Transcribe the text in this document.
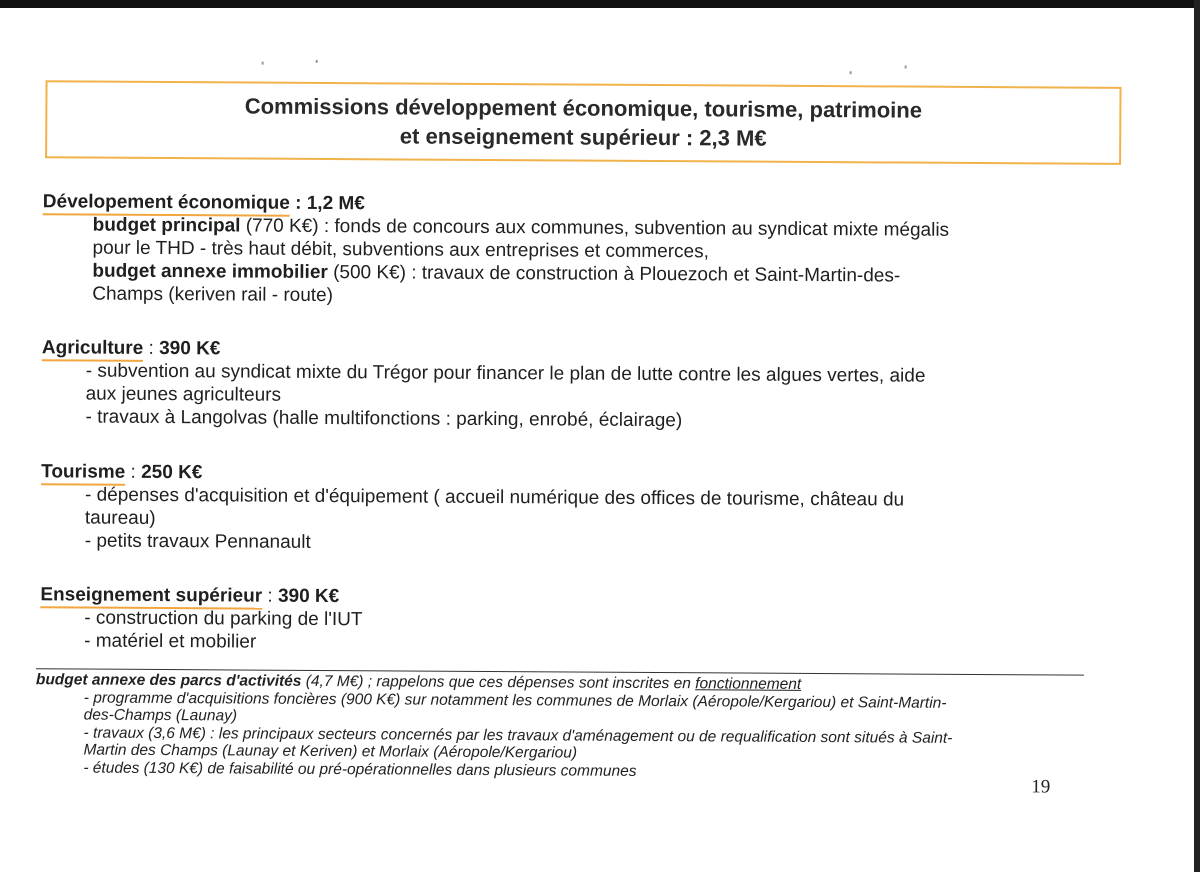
Commissions développement économique, tourisme, patrimoine
et enseignement supérieur : 2,3 M€
Dévelopement économique : 1,2 M€
budget principal (770 K€) : fonds de concours aux communes, subvention au syndicat mixte mégalis
pour le THD - très haut débit, subventions aux entreprises et commerces,
budget annexe immobilier (500 K€) : travaux de construction à Plouezoch et Saint-Martin-des-
Champs (keriven rail - route)
Agriculture : 390 K€
- subvention au syndicat mixte du Trégor pour financer le plan de lutte contre les algues vertes, aide
aux jeunes agriculteurs
- travaux à Langolvas (halle multifonctions : parking, enrobé, éclairage)
Tourisme : 250 K€
- dépenses d'acquisition et d'équipement ( accueil numérique des offices de tourisme, château du
taureau)
- petits travaux Pennanault
Enseignement supérieur : 390 K€
- construction du parking de l'IUT
- matériel et mobilier
budget annexe des parcs d'activités (4,7 M€) ; rappelons que ces dépenses sont inscrites en fonctionnement
- programme d'acquisitions foncières (900 K€) sur notamment les communes de Morlaix (Aéropole/Kergariou) et Saint-Martin-
des-Champs (Launay)
- travaux (3,6 M€) : les principaux secteurs concernés par les travaux d'aménagement ou de requalification sont situés à Saint-
Martin des Champs (Launay et Keriven) et Morlaix (Aéropole/Kergariou)
- études (130 K€) de faisabilité ou pré-opérationnelles dans plusieurs communes
19
